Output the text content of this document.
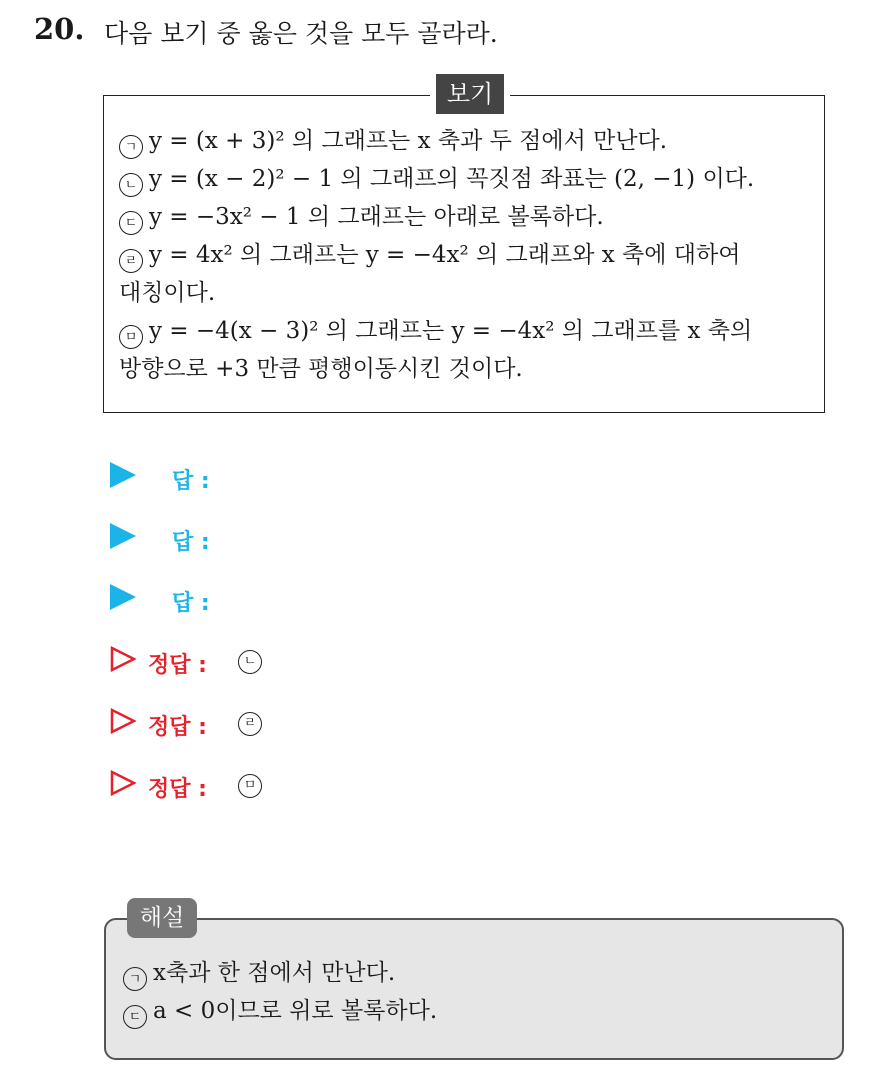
20. 다음 보기 중 옳은 것을 모두 골라라.
보기
ㄱ y = (x + 3)² 의 그래프는 x 축과 두 점에서 만난다.
ㄴ y = (x − 2)² − 1 의 그래프의 꼭짓점 좌표는 (2, −1) 이다.
ㄷ y = −3x² − 1 의 그래프는 아래로 볼록하다.
ㄹ y = 4x² 의 그래프는 y = −4x² 의 그래프와 x 축에 대하여
대칭이다.
ㅁ y = −4(x − 3)² 의 그래프는 y = −4x² 의 그래프를 x 축의
방향으로 +3 만큼 평행이동시킨 것이다.
답 :
답 :
답 :
정답 :	ㄴ
정답 :	ㄹ
정답 :	ㅁ
해설
ㄱ x축과 한 점에서 만난다.
ㄷ a < 0이므로 위로 볼록하다.
